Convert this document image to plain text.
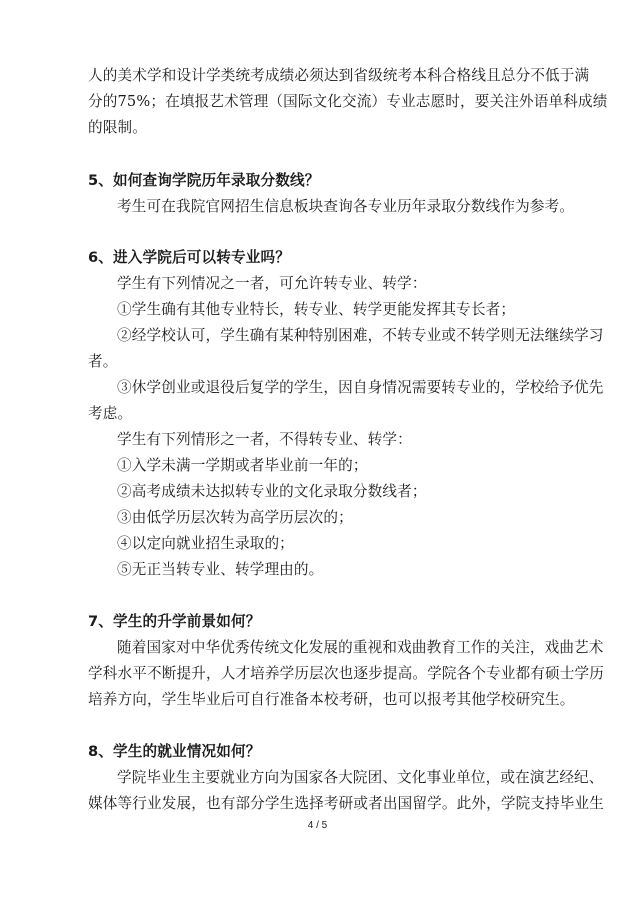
人的美术学和设计学类统考成绩必须达到省级统考本科合格线且总分不低于满
分的75%；在填报艺术管理（国际文化交流）专业志愿时，要关注外语单科成绩
的限制。
5、如何查询学院历年录取分数线？
考生可在我院官网招生信息板块查询各专业历年录取分数线作为参考。
6、进入学院后可以转专业吗？
学生有下列情况之一者，可允许转专业、转学：
①学生确有其他专业特长，转专业、转学更能发挥其专长者；
②经学校认可，学生确有某种特别困难，不转专业或不转学则无法继续学习
者。
③休学创业或退役后复学的学生，因自身情况需要转专业的，学校给予优先
考虑。
学生有下列情形之一者，不得转专业、转学：
①入学未满一学期或者毕业前一年的；
②高考成绩未达拟转专业的文化录取分数线者；
③由低学历层次转为高学历层次的；
④以定向就业招生录取的；
⑤无正当转专业、转学理由的。
7、学生的升学前景如何？
随着国家对中华优秀传统文化发展的重视和戏曲教育工作的关注，戏曲艺术
学科水平不断提升，人才培养学历层次也逐步提高。学院各个专业都有硕士学历
培养方向，学生毕业后可自行准备本校考研，也可以报考其他学校研究生。
8、学生的就业情况如何？
学院毕业生主要就业方向为国家各大院团、文化事业单位，或在演艺经纪、
媒体等行业发展，也有部分学生选择考研或者出国留学。此外，学院支持毕业生
4 / 5
